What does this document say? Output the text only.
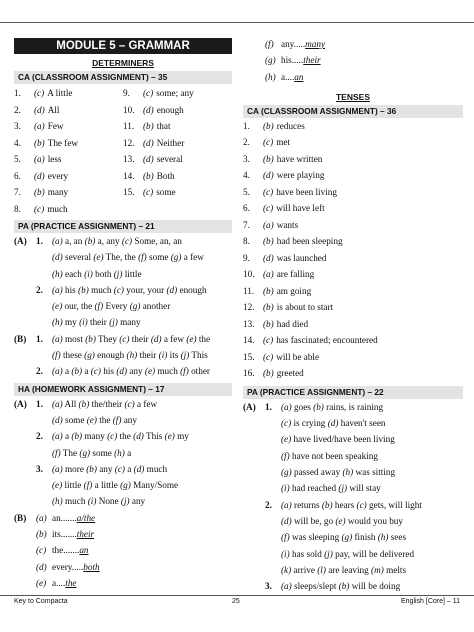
MODULE 5 – GRAMMAR
DETERMINERS
CA (CLASSROOM ASSIGNMENT) – 35
1. (c) A little	9. (c) some; any
2. (d) All	10. (d) enough
3. (a) Few	11. (b) that
4. (b) The few	12. (d) Neither
5. (a) less	13. (d) several
6. (d) every	14. (b) Both
7. (b) many	15. (c) some
8. (c) much
PA (PRACTICE ASSIGNMENT) – 21
(A) 1. (a) a, an (b) a, any (c) Some, an, an
(d) several (e) The, the (f) some (g) a few
(h) each (i) both (j) little
2. (a) his (b) much (c) your, your (d) enough
(e) our, the (f) Every (g) another
(h) my (i) their (j) many
(B) 1. (a) most (b) They (c) their (d) a few (e) the
(f) these (g) enough (h) their (i) its (j) This
2. (a) a (b) a (c) his (d) any (e) much (f) other
HA (HOMEWORK ASSIGNMENT) – 17
(A) 1. (a) All (b) the/their (c) a few
(d) some (e) the (f) any
2. (a) a (b) many (c) the (d) This (e) my
(f) The (g) some (h) a
3. (a) more (b) any (c) a (d) much
(e) little (f) a little (g) Many/Some
(h) much (i) None (j) any
(B) (a) an.......a/the
(b) its.......their
(c) the.......an
(d) every.....both
(e) a....the
(f) any.....many
(g) his.....their
(h) a....an
TENSES
CA (CLASSROOM ASSIGNMENT) – 36
1. (b) reduces
2. (c) met
3. (b) have written
4. (d) were playing
5. (c) have been living
6. (c) will have left
7. (a) wants
8. (b) had been sleeping
9. (d) was launched
10. (a) are falling
11. (b) am going
12. (b) is about to start
13. (b) had died
14. (c) has fascinated; encountered
15. (c) will be able
16. (b) greeted
PA (PRACTICE ASSIGNMENT) – 22
(A) 1. (a) goes (b) rains, is raining
(c) is crying (d) haven't seen
(e) have lived/have been living
(f) have not been speaking
(g) passed away (h) was sitting
(i) had reached (j) will stay
2. (a) returns (b) hears (c) gets, will light
(d) will be, go (e) would you buy
(f) was sleeping (g) finish (h) sees
(i) has sold (j) pay, will be delivered
(k) arrive (l) are leaving (m) melts
3. (a) sleeps/slept (b) will be doing
Key to Compacta	25	English [Core] – 11
